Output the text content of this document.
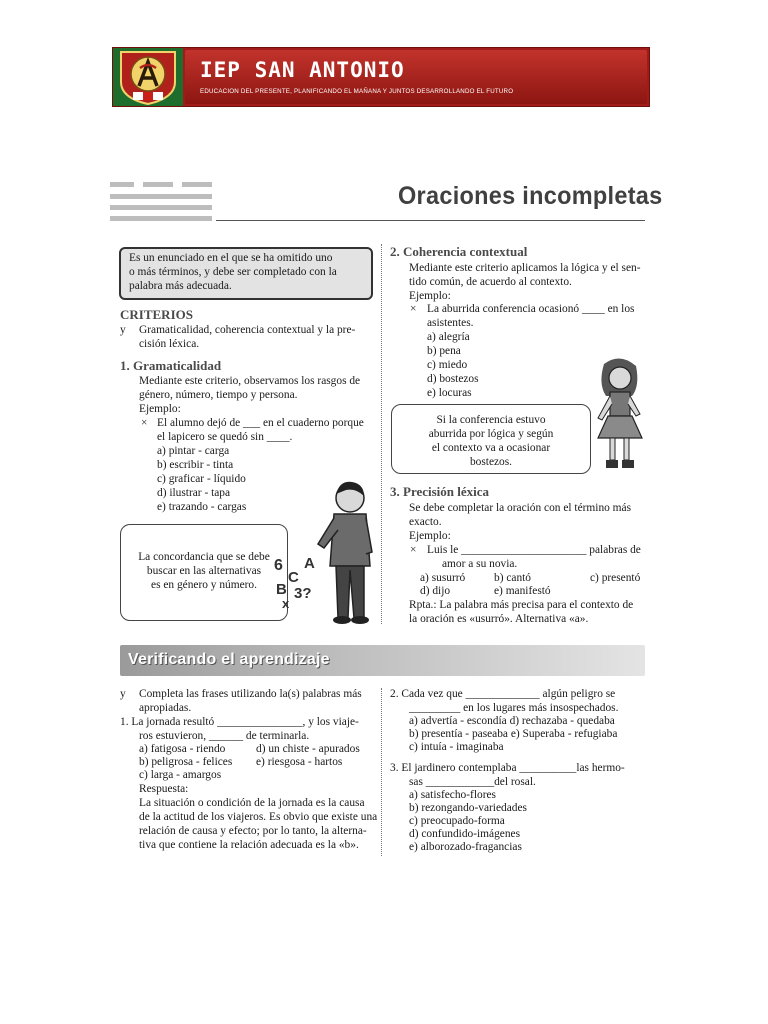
IEP SAN ANTONIO
EDUCACION DEL PRESENTE, PLANIFICANDO EL MAÑANA Y JUNTOS DESARROLLANDO EL FUTURO
Oraciones incompletas
Es un enunciado en el que se ha omitido uno
o más términos, y debe ser completado con la
palabra más adecuada.
CRITERIOS
y Gramaticalidad, coherencia contextual y la pre-
cisión léxica.
1. Gramaticalidad
Mediante este criterio, observamos los rasgos de
género, número, tiempo y persona.
Ejemplo:
× El alumno dejó de ___ en el cuaderno porque
el lapicero se quedó sin ____.
a) pintar - carga
b) escribir - tinta
c) graficar - líquido
d) ilustrar - tapa
e) trazando - cargas
La concordancia que se debe
buscar en las alternativas
es en género y número.
6
C
A
B 3?
x
2. Coherencia contextual
Mediante este criterio aplicamos la lógica y el sen-
tido común, de acuerdo al contexto.
Ejemplo:
× La aburrida conferencia ocasionó ____ en los
asistentes.
a) alegría
b) pena
c) miedo
d) bostezos
e) locuras
Si la conferencia estuvo
aburrida por lógica y según
el contexto va a ocasionar
bostezos.
3. Precisión léxica
Se debe completar la oración con el término más
exacto.
Ejemplo:
× Luis le ______________________ palabras de
amor a su novia.
a) susurró	b) cantó	c) presentó
d) dijo	e) manifestó
Rpta.: La palabra más precisa para el contexto de
la oración es «usurró». Alternativa «a».
Verificando el aprendizaje
y Completa las frases utilizando la(s) palabras más
apropiadas.
1. La jornada resultó _______________, y los viaje-
ros estuvieron, ______ de terminarla.
a) fatigosa - riendo
b) peligrosa - felices
c) larga - amargos
d) un chiste - apurados
e) riesgosa - hartos
Respuesta:
La situación o condición de la jornada es la causa
de la actitud de los viajeros. Es obvio que existe una
relación de causa y efecto; por lo tanto, la alterna-
tiva que contiene la relación adecuada es la «b».
2. Cada vez que _____________ algún peligro se
_________ en los lugares más insospechados.
a) advertía - escondía d) rechazaba - quedaba
b) presentía - paseaba e) Superaba - refugiaba
c) intuía - imaginaba
3. El jardinero contemplaba __________las hermo-
sas ____________del rosal.
a) satisfecho-flores
b) rezongando-variedades
c) preocupado-forma
d) confundido-imágenes
e) alborozado-fragancias
